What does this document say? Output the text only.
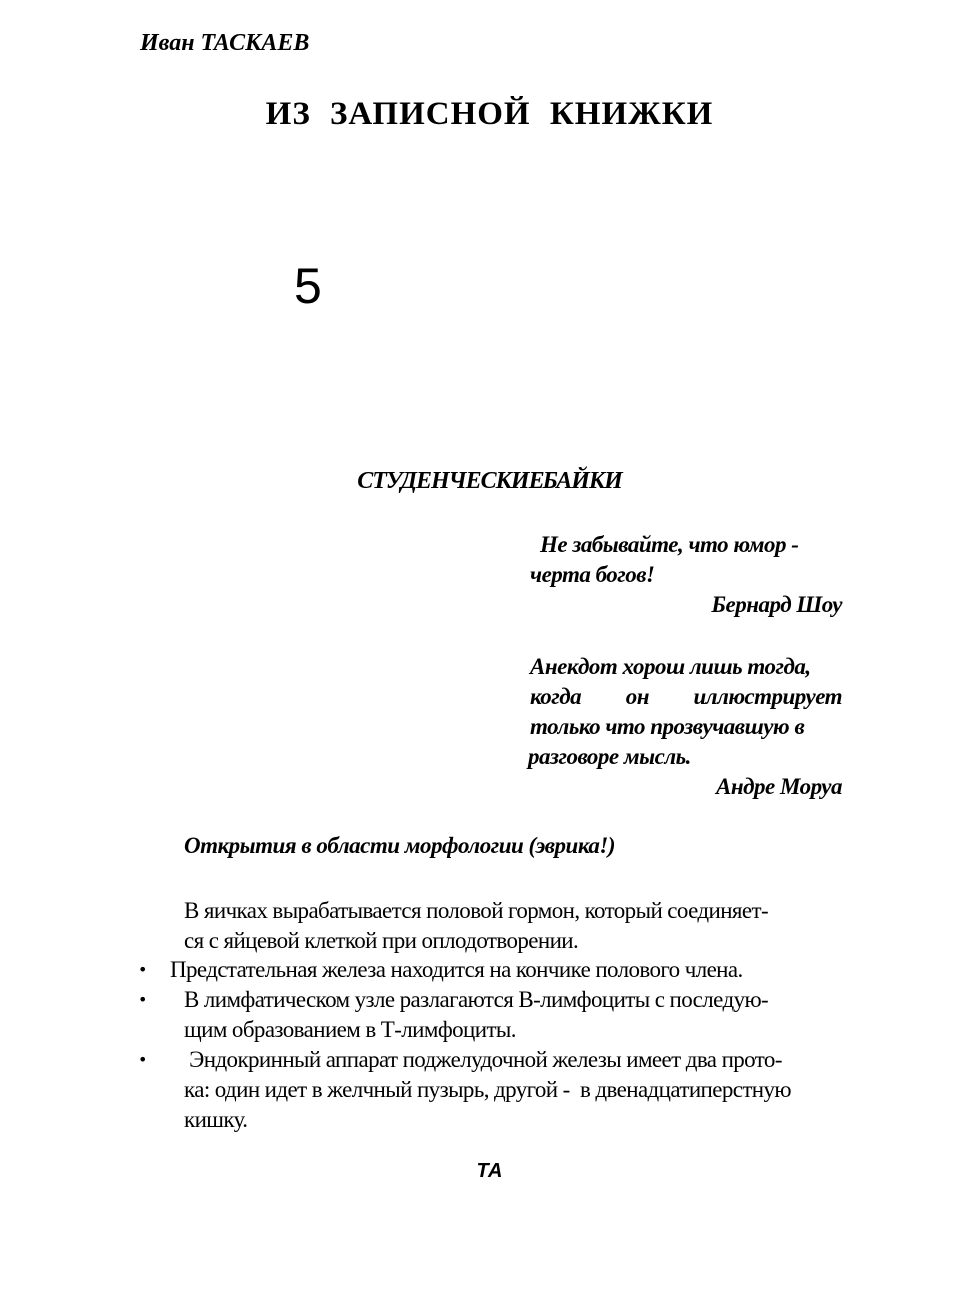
Иван ТАСКАЕВ
ИЗ ЗАПИСНОЙ КНИЖКИ
5
СТУДЕНЧЕСКИЕ БАЙКИ
Не забывайте, что юмор -
черта богов!
Бернард Шоу
Анекдот хорош лишь тогда,
когда он иллюстрирует
только что прозвучавшую в
разговоре мысль.
Андре Моруа
Открытия в области морфологии (эврика!)
В яичках вырабатывается половой гормон, который соединяет-
ся с яйцевой клеткой при оплодотворении.
• Предстательная железа находится на кончике полового члена.
• В лимфатическом узле разлагаются В-лимфоциты с последую-
щим образованием в Т-лимфоциты.
• Эндокринный аппарат поджелудочной железы имеет два прото-
ка: один идет в желчный пузырь, другой -  в двенадцатиперстную
кишку.
ТА
